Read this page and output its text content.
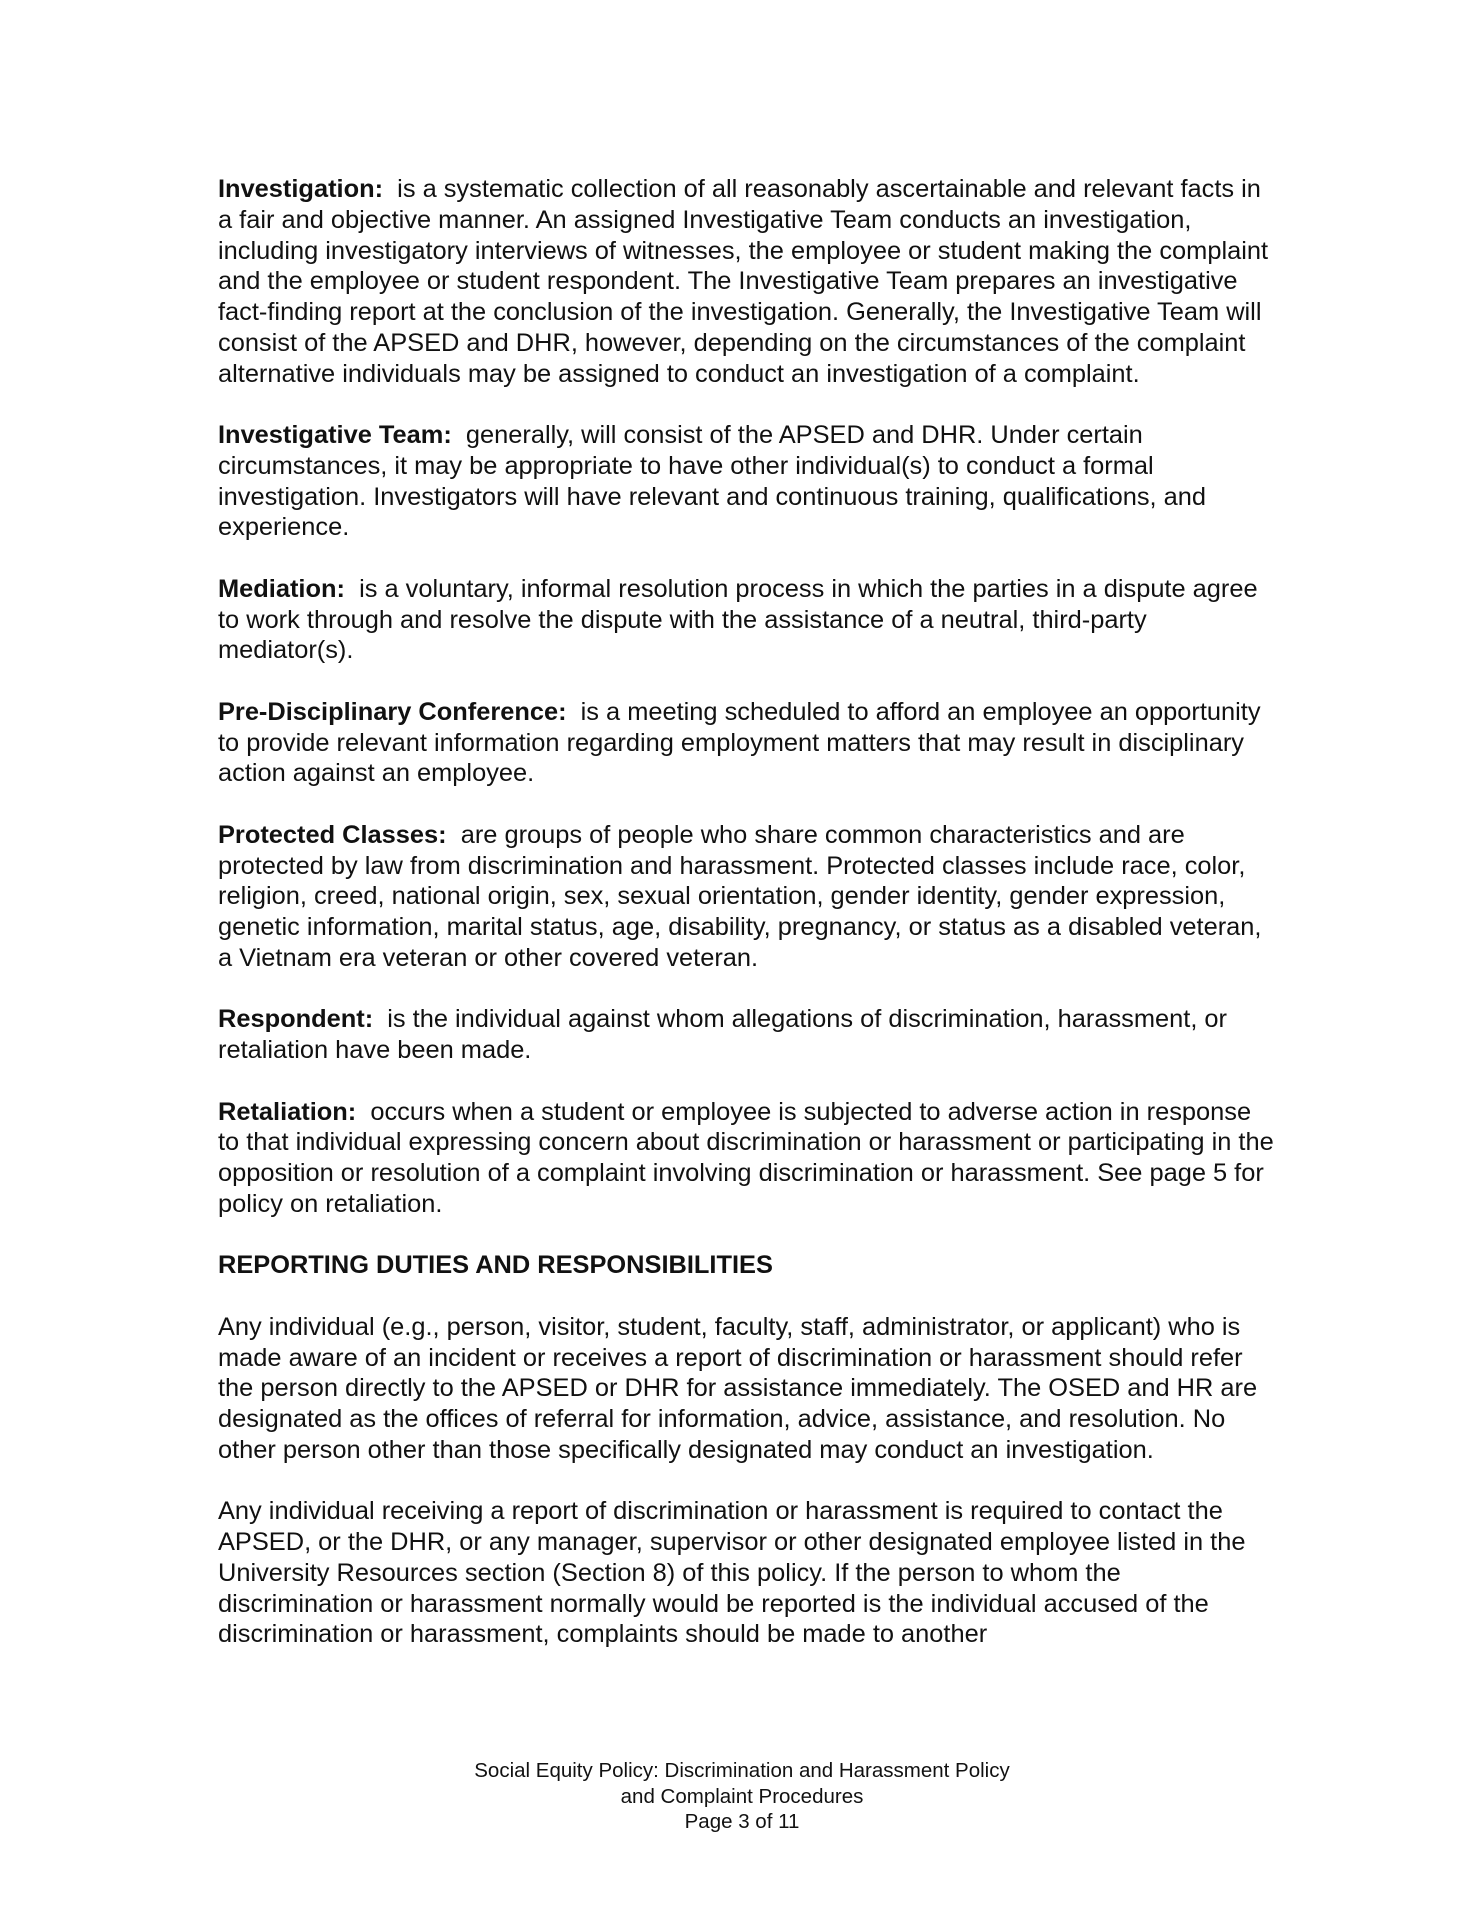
Investigation: is a systematic collection of all reasonably ascertainable and relevant facts in a fair and objective manner. An assigned Investigative Team conducts an investigation, including investigatory interviews of witnesses, the employee or student making the complaint and the employee or student respondent. The Investigative Team prepares an investigative fact-finding report at the conclusion of the investigation. Generally, the Investigative Team will consist of the APSED and DHR, however, depending on the circumstances of the complaint alternative individuals may be assigned to conduct an investigation of a complaint.

Investigative Team: generally, will consist of the APSED and DHR. Under certain circumstances, it may be appropriate to have other individual(s) to conduct a formal investigation. Investigators will have relevant and continuous training, qualifications, and experience.

Mediation: is a voluntary, informal resolution process in which the parties in a dispute agree to work through and resolve the dispute with the assistance of a neutral, third-party mediator(s).

Pre-Disciplinary Conference: is a meeting scheduled to afford an employee an opportunity to provide relevant information regarding employment matters that may result in disciplinary action against an employee.

Protected Classes: are groups of people who share common characteristics and are protected by law from discrimination and harassment. Protected classes include race, color, religion, creed, national origin, sex, sexual orientation, gender identity, gender expression, genetic information, marital status, age, disability, pregnancy, or status as a disabled veteran, a Vietnam era veteran or other covered veteran.

Respondent: is the individual against whom allegations of discrimination, harassment, or retaliation have been made.

Retaliation: occurs when a student or employee is subjected to adverse action in response to that individual expressing concern about discrimination or harassment or participating in the opposition or resolution of a complaint involving discrimination or harassment. See page 5 for policy on retaliation.

REPORTING DUTIES AND RESPONSIBILITIES

Any individual (e.g., person, visitor, student, faculty, staff, administrator, or applicant) who is made aware of an incident or receives a report of discrimination or harassment should refer the person directly to the APSED or DHR for assistance immediately. The OSED and HR are designated as the offices of referral for information, advice, assistance, and resolution. No other person other than those specifically designated may conduct an investigation.

Any individual receiving a report of discrimination or harassment is required to contact the APSED, or the DHR, or any manager, supervisor or other designated employee listed in the University Resources section (Section 8) of this policy. If the person to whom the discrimination or harassment normally would be reported is the individual accused of the discrimination or harassment, complaints should be made to another

Social Equity Policy: Discrimination and Harassment Policy
and Complaint Procedures
Page 3 of 11
